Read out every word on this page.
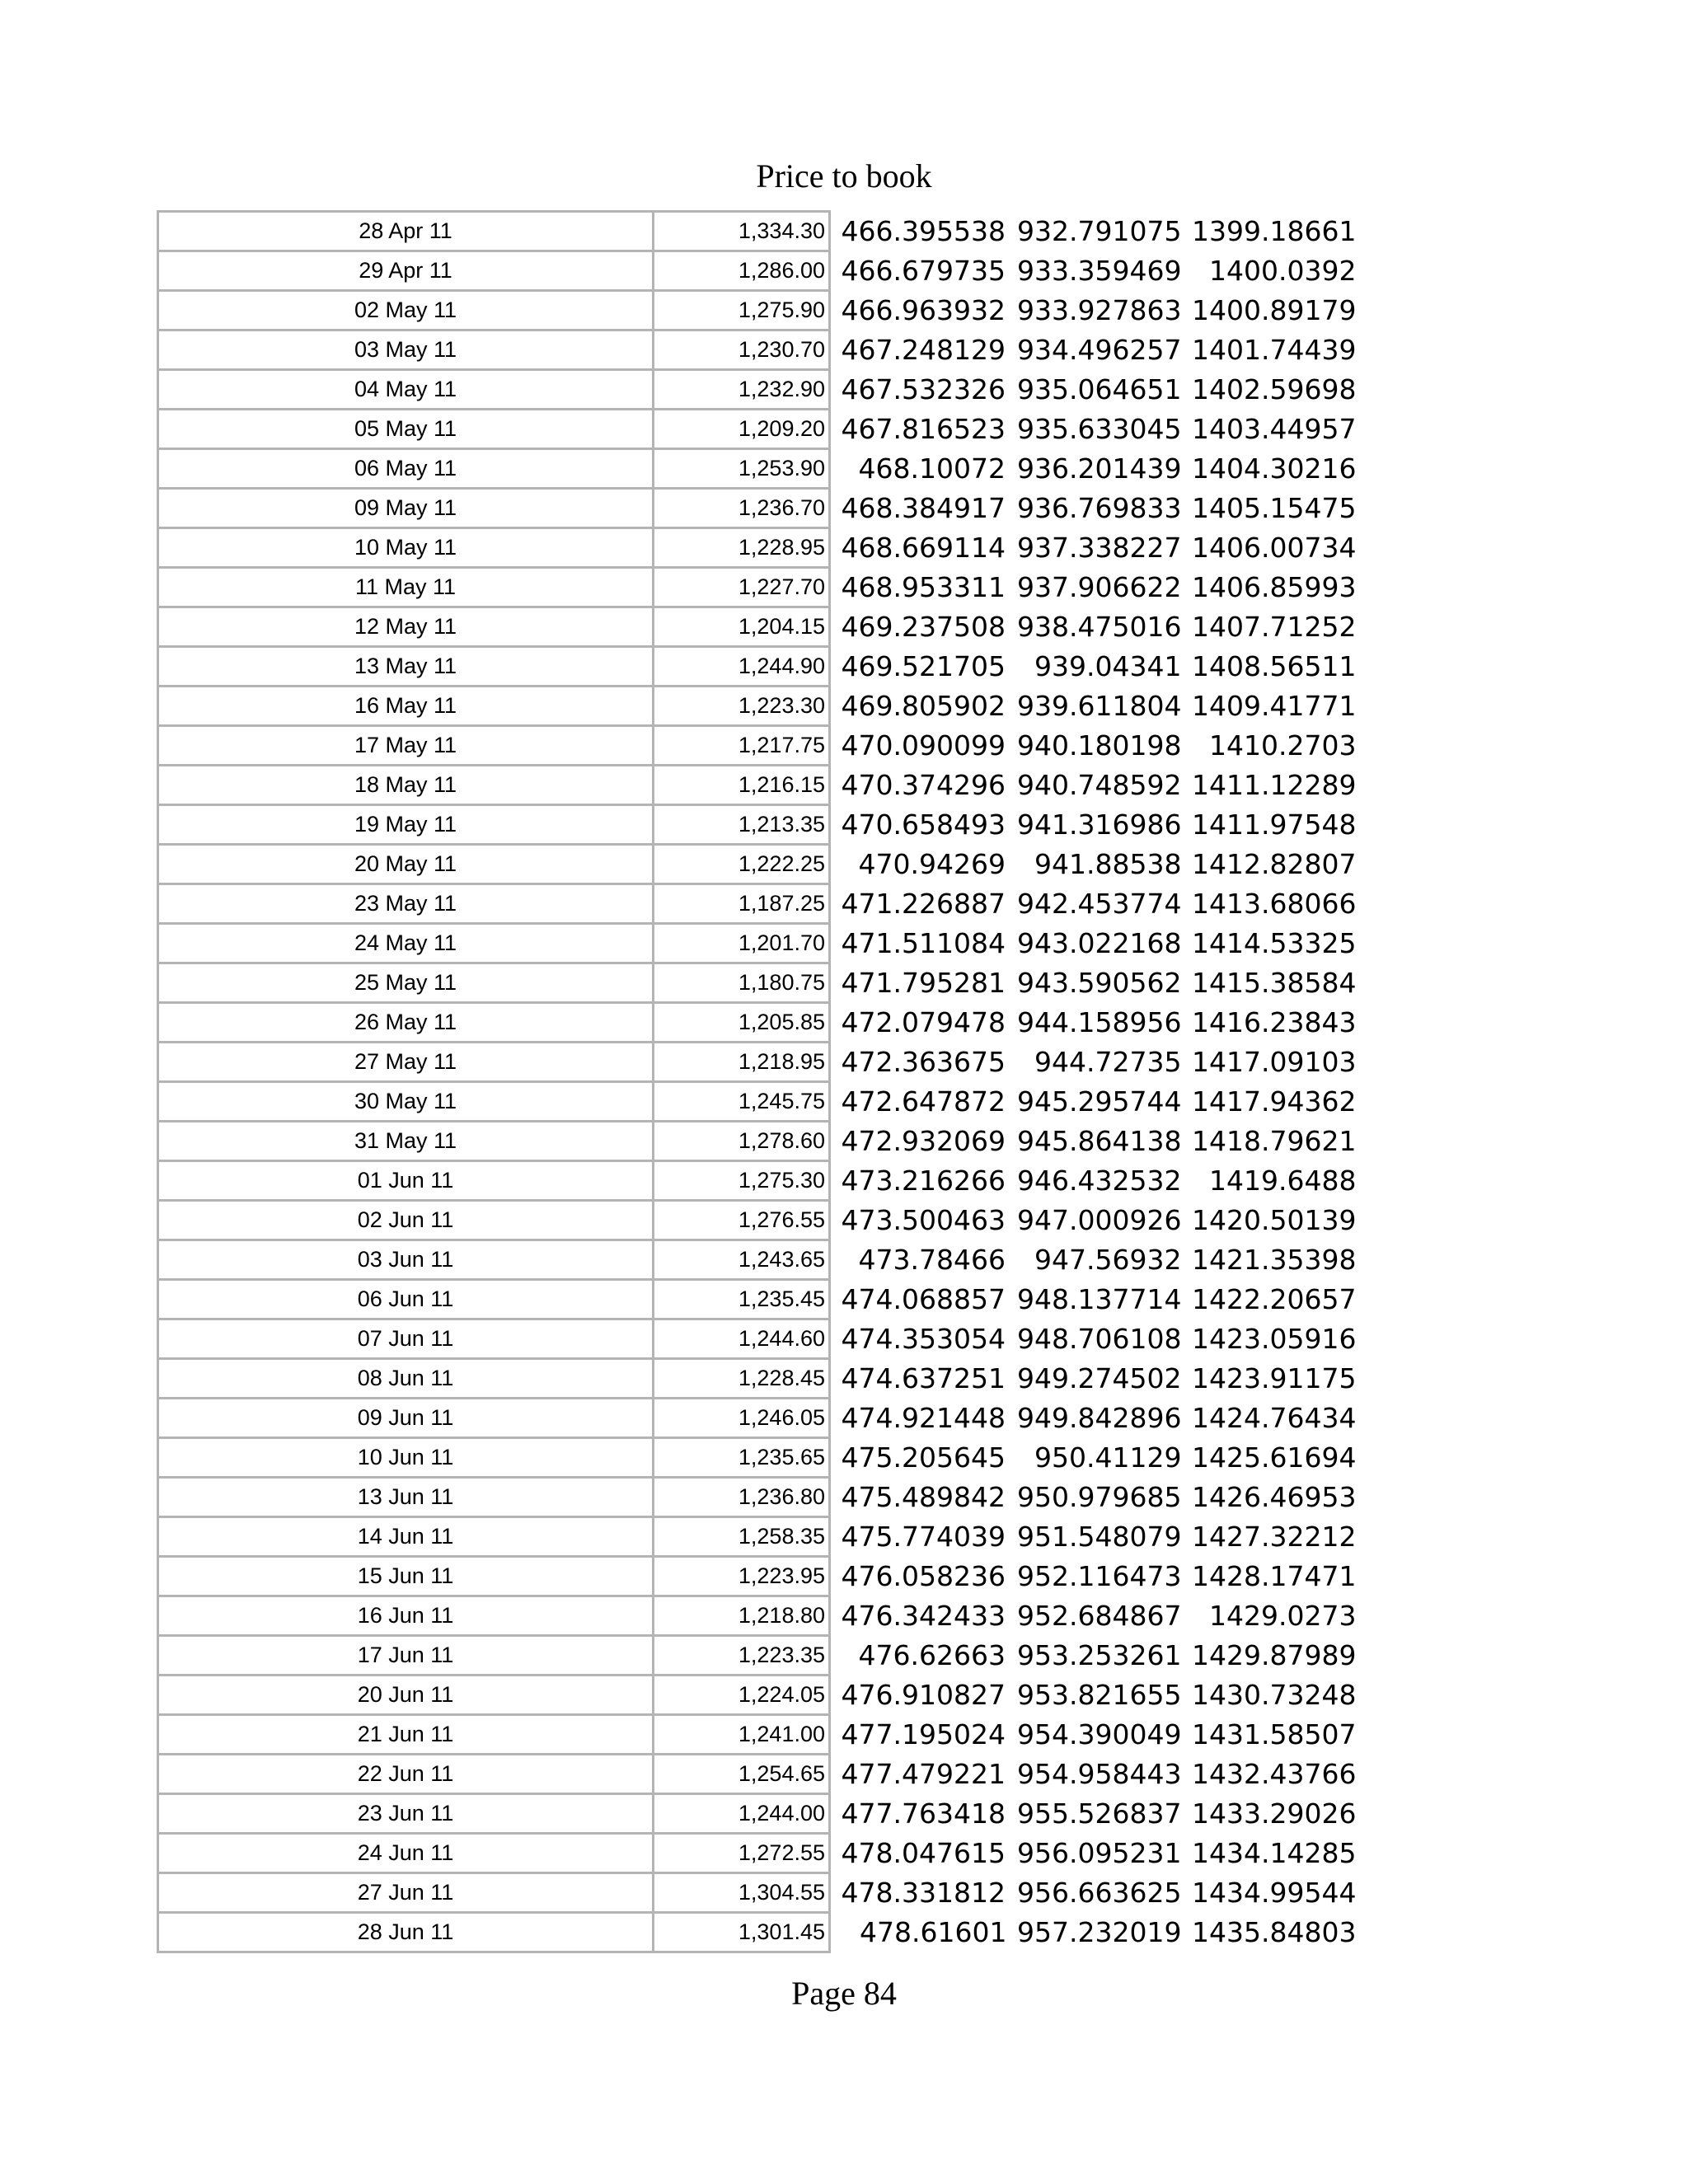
Price to book
28 Apr 11	1,334.30	466.395538	932.791075	1399.18661
29 Apr 11	1,286.00	466.679735	933.359469	1400.0392
02 May 11	1,275.90	466.963932	933.927863	1400.89179
03 May 11	1,230.70	467.248129	934.496257	1401.74439
04 May 11	1,232.90	467.532326	935.064651	1402.59698
05 May 11	1,209.20	467.816523	935.633045	1403.44957
06 May 11	1,253.90	468.10072	936.201439	1404.30216
09 May 11	1,236.70	468.384917	936.769833	1405.15475
10 May 11	1,228.95	468.669114	937.338227	1406.00734
11 May 11	1,227.70	468.953311	937.906622	1406.85993
12 May 11	1,204.15	469.237508	938.475016	1407.71252
13 May 11	1,244.90	469.521705	939.04341	1408.56511
16 May 11	1,223.30	469.805902	939.611804	1409.41771
17 May 11	1,217.75	470.090099	940.180198	1410.2703
18 May 11	1,216.15	470.374296	940.748592	1411.12289
19 May 11	1,213.35	470.658493	941.316986	1411.97548
20 May 11	1,222.25	470.94269	941.88538	1412.82807
23 May 11	1,187.25	471.226887	942.453774	1413.68066
24 May 11	1,201.70	471.511084	943.022168	1414.53325
25 May 11	1,180.75	471.795281	943.590562	1415.38584
26 May 11	1,205.85	472.079478	944.158956	1416.23843
27 May 11	1,218.95	472.363675	944.72735	1417.09103
30 May 11	1,245.75	472.647872	945.295744	1417.94362
31 May 11	1,278.60	472.932069	945.864138	1418.79621
01 Jun 11	1,275.30	473.216266	946.432532	1419.6488
02 Jun 11	1,276.55	473.500463	947.000926	1420.50139
03 Jun 11	1,243.65	473.78466	947.56932	1421.35398
06 Jun 11	1,235.45	474.068857	948.137714	1422.20657
07 Jun 11	1,244.60	474.353054	948.706108	1423.05916
08 Jun 11	1,228.45	474.637251	949.274502	1423.91175
09 Jun 11	1,246.05	474.921448	949.842896	1424.76434
10 Jun 11	1,235.65	475.205645	950.41129	1425.61694
13 Jun 11	1,236.80	475.489842	950.979685	1426.46953
14 Jun 11	1,258.35	475.774039	951.548079	1427.32212
15 Jun 11	1,223.95	476.058236	952.116473	1428.17471
16 Jun 11	1,218.80	476.342433	952.684867	1429.0273
17 Jun 11	1,223.35	476.62663	953.253261	1429.87989
20 Jun 11	1,224.05	476.910827	953.821655	1430.73248
21 Jun 11	1,241.00	477.195024	954.390049	1431.58507
22 Jun 11	1,254.65	477.479221	954.958443	1432.43766
23 Jun 11	1,244.00	477.763418	955.526837	1433.29026
24 Jun 11	1,272.55	478.047615	956.095231	1434.14285
27 Jun 11	1,304.55	478.331812	956.663625	1434.99544
28 Jun 11	1,301.45	478.61601	957.232019	1435.84803
Page 84
